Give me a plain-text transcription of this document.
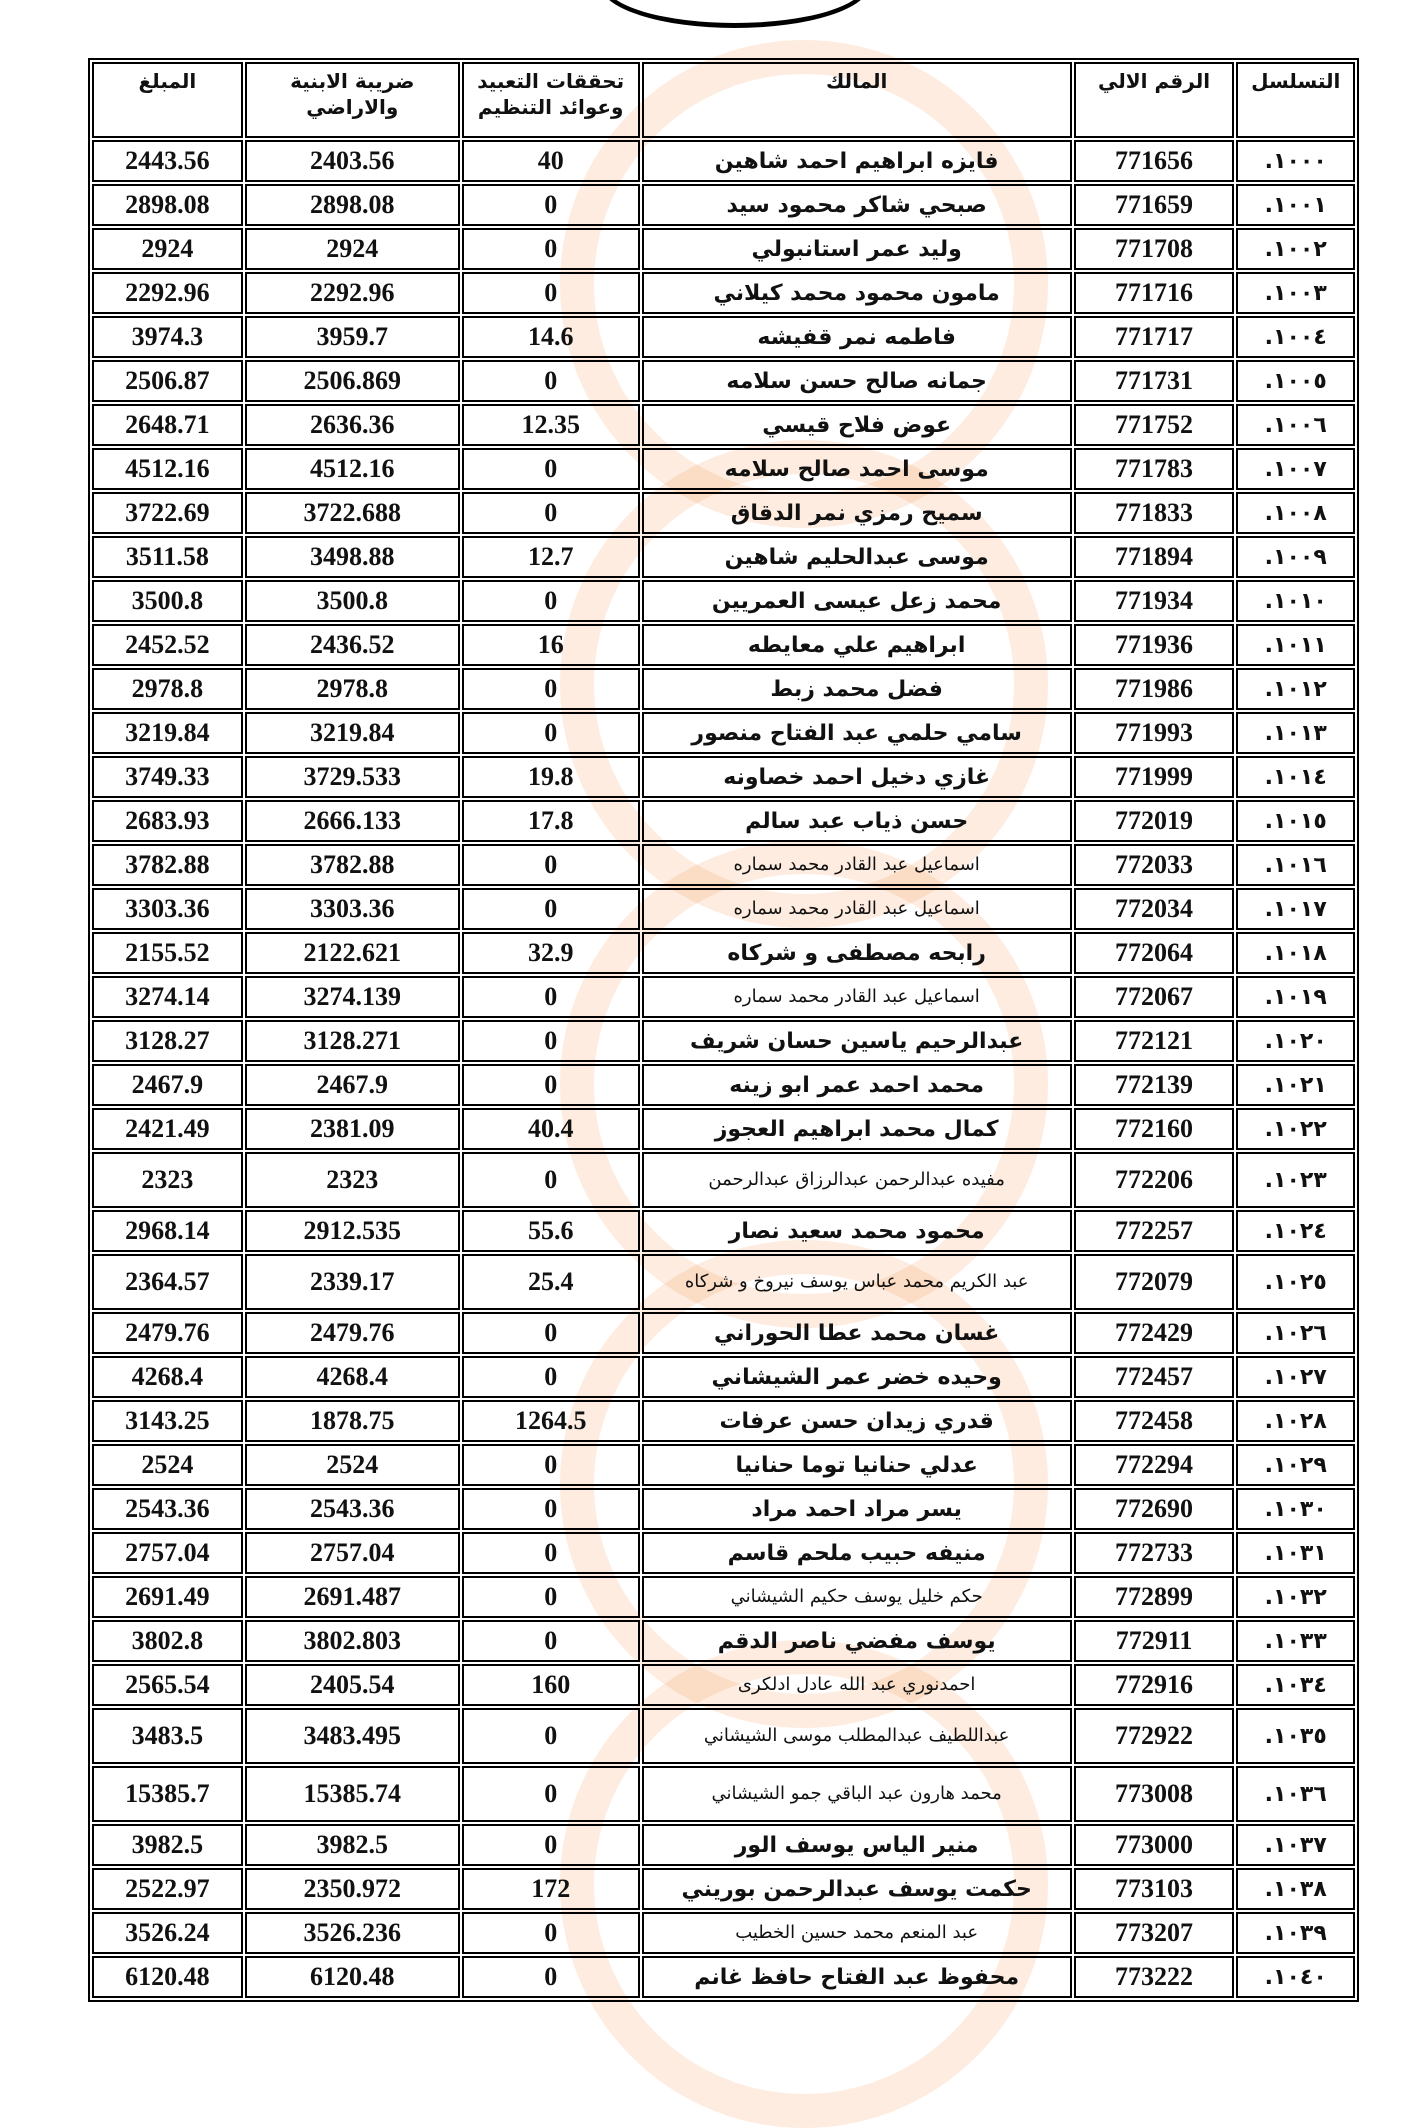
التسلسل	الرقم الالي	المالك	تحققات التعبيد وعوائد التنظيم	ضريبة الابنية والاراضي	المبلغ
١٠٠٠.	771656	فايزه ابراهيم احمد شاهين	40	2403.56	2443.56
١٠٠١.	771659	صبحي شاكر محمود سيد	0	2898.08	2898.08
١٠٠٢.	771708	وليد عمر استانبولي	0	2924	2924
١٠٠٣.	771716	مامون محمود محمد كيلاني	0	2292.96	2292.96
١٠٠٤.	771717	فاطمه نمر قفيشه	14.6	3959.7	3974.3
١٠٠٥.	771731	جمانه صالح حسن سلامه	0	2506.869	2506.87
١٠٠٦.	771752	عوض فلاح قيسي	12.35	2636.36	2648.71
١٠٠٧.	771783	موسى احمد صالح سلامه	0	4512.16	4512.16
١٠٠٨.	771833	سميح رمزي نمر الدقاق	0	3722.688	3722.69
١٠٠٩.	771894	موسى عبدالحليم شاهين	12.7	3498.88	3511.58
١٠١٠.	771934	محمد زعل عيسى العمريين	0	3500.8	3500.8
١٠١١.	771936	ابراهيم علي معايطه	16	2436.52	2452.52
١٠١٢.	771986	فضل محمد زبط	0	2978.8	2978.8
١٠١٣.	771993	سامي حلمي عبد الفتاح منصور	0	3219.84	3219.84
١٠١٤.	771999	غازي دخيل احمد خصاونه	19.8	3729.533	3749.33
١٠١٥.	772019	حسن ذياب عبد سالم	17.8	2666.133	2683.93
١٠١٦.	772033	اسماعيل عبد القادر محمد سماره	0	3782.88	3782.88
١٠١٧.	772034	اسماعيل عبد القادر محمد سماره	0	3303.36	3303.36
١٠١٨.	772064	رابحه مصطفى و شركاه	32.9	2122.621	2155.52
١٠١٩.	772067	اسماعيل عبد القادر محمد سماره	0	3274.139	3274.14
١٠٢٠.	772121	عبدالرحيم ياسين حسان شريف	0	3128.271	3128.27
١٠٢١.	772139	محمد احمد عمر ابو زينه	0	2467.9	2467.9
١٠٢٢.	772160	كمال محمد ابراهيم العجوز	40.4	2381.09	2421.49
١٠٢٣.	772206	مفيده عبدالرحمن عبدالرزاق عبدالرحمن	0	2323	2323
١٠٢٤.	772257	محمود محمد سعيد نصار	55.6	2912.535	2968.14
١٠٢٥.	772079	عبد الكريم محمد عباس يوسف نيروخ و شركاه	25.4	2339.17	2364.57
١٠٢٦.	772429	غسان محمد عطا الحوراني	0	2479.76	2479.76
١٠٢٧.	772457	وحيده خضر عمر الشيشاني	0	4268.4	4268.4
١٠٢٨.	772458	قدري زيدان حسن عرفات	1264.5	1878.75	3143.25
١٠٢٩.	772294	عدلي حنانيا توما حنانيا	0	2524	2524
١٠٣٠.	772690	يسر مراد احمد مراد	0	2543.36	2543.36
١٠٣١.	772733	منيفه حبيب ملحم قاسم	0	2757.04	2757.04
١٠٣٢.	772899	حكم خليل يوسف حكيم الشيشاني	0	2691.487	2691.49
١٠٣٣.	772911	يوسف مفضي ناصر الدقم	0	3802.803	3802.8
١٠٣٤.	772916	احمدنوري عبد الله عادل ادلكرى	160	2405.54	2565.54
١٠٣٥.	772922	عبداللطيف عبدالمطلب موسى الشيشاني	0	3483.495	3483.5
١٠٣٦.	773008	محمد هارون عبد الباقي جمو الشيشاني	0	15385.74	15385.7
١٠٣٧.	773000	منير الياس يوسف الور	0	3982.5	3982.5
١٠٣٨.	773103	حكمت يوسف عبدالرحمن بوريني	172	2350.972	2522.97
١٠٣٩.	773207	عبد المنعم محمد حسين الخطيب	0	3526.236	3526.24
١٠٤٠.	773222	محفوظ عبد الفتاح حافظ غانم	0	6120.48	6120.48
